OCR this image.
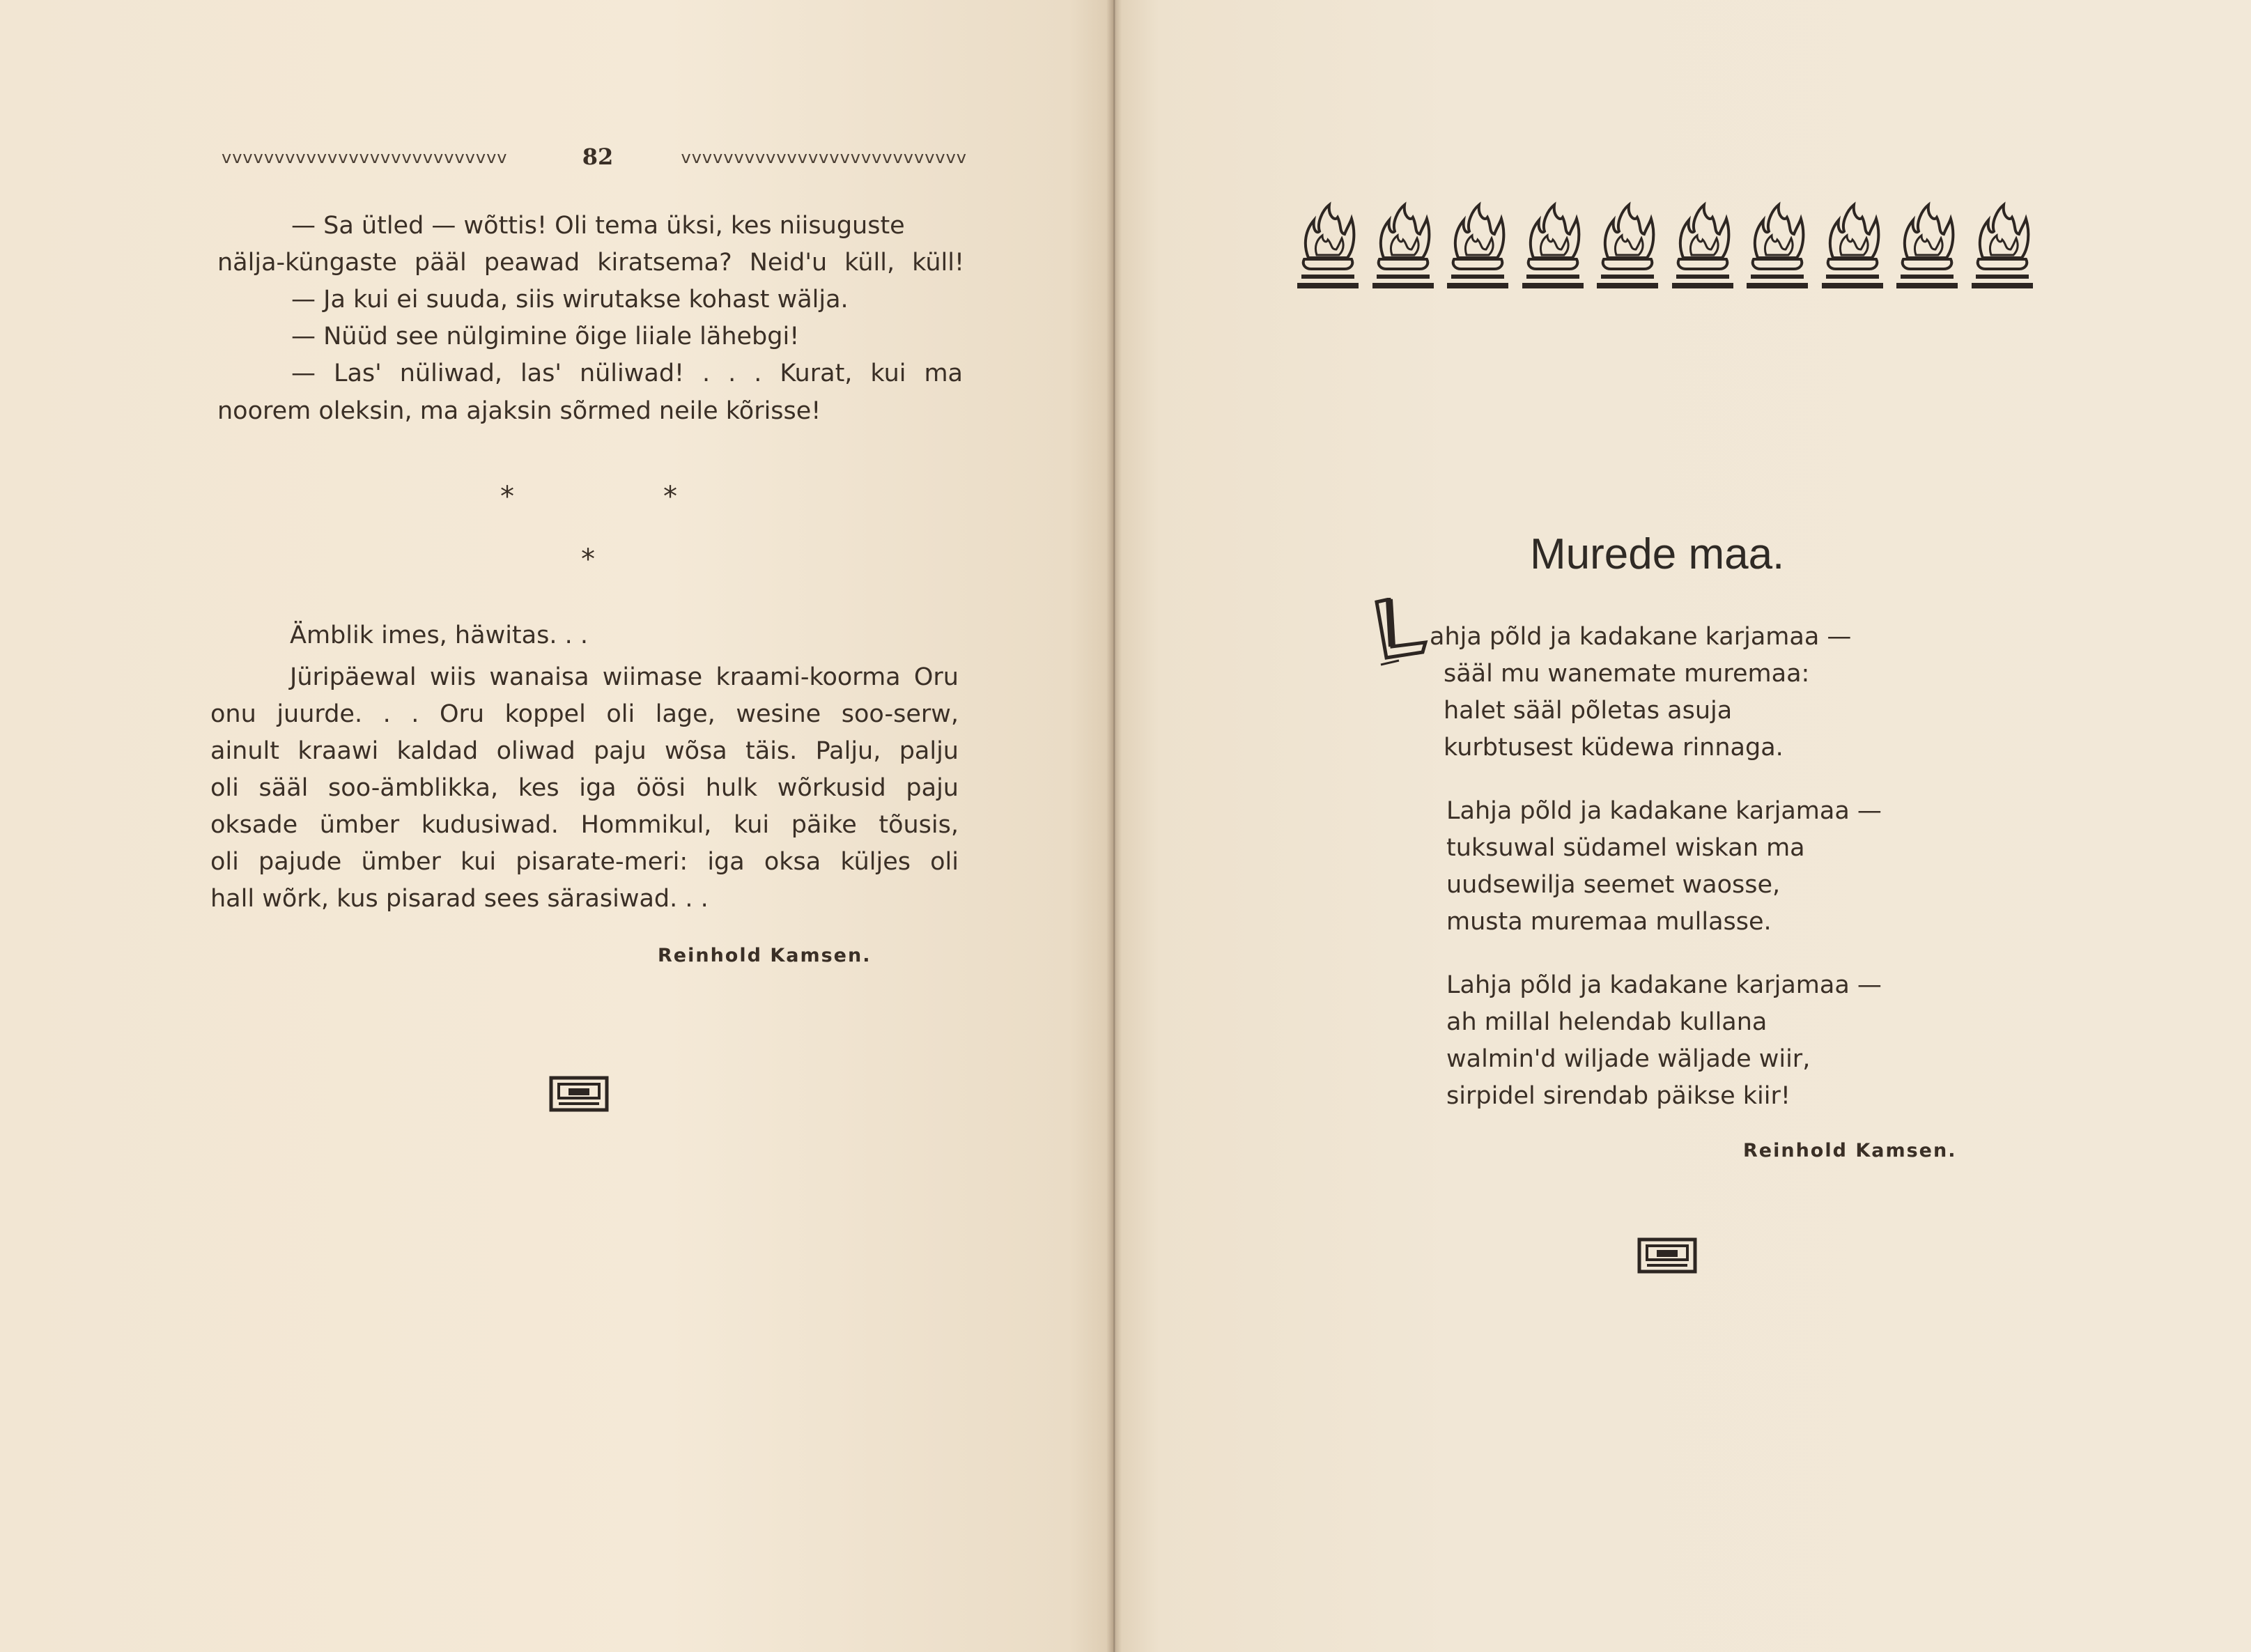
vvvvvvvvvvvvvvvvvvvvvvvvvvv	82	vvvvvvvvvvvvvvvvvvvvvvvvvvv
— Sa ütled — wõttis! Oli tema üksi, kes niisuguste
nälja-küngaste pääl peawad kiratsema? Neid'u küll, küll!
— Ja kui ei suuda, siis wirutakse kohast wälja.
— Nüüd see nülgimine õige liiale lähebgi!
— Las' nüliwad, las' nüliwad! . . . Kurat, kui ma
noorem oleksin, ma ajaksin sõrmed neile kõrisse!
*	*
*
Ämblik imes, häwitas. . .
Jüripäewal wiis wanaisa wiimase kraami-koorma Oru
onu juurde. . . Oru koppel oli lage, wesine soo-serw,
ainult kraawi kaldad oliwad paju wõsa täis. Palju, palju
oli sääl soo-ämblikka, kes iga öösi hulk wõrkusid paju
oksade ümber kudusiwad. Hommikul, kui päike tõusis,
oli pajude ümber kui pisarate-meri: iga oksa küljes oli
hall wõrk, kus pisarad sees särasiwad. . .
Reinhold Kamsen.
Murede maa.
L
ahja põld ja kadakane karjamaa —
sääl mu wanemate muremaa:
halet sääl põletas asuja
kurbtusest küdewa rinnaga.
Lahja põld ja kadakane karjamaa —
tuksuwal südamel wiskan ma
uudsewilja seemet waosse,
musta muremaa mullasse.
Lahja põld ja kadakane karjamaa —
ah millal helendab kullana
walmin'd wiljade wäljade wiir,
sirpidel sirendab päikse kiir!
Reinhold Kamsen.
